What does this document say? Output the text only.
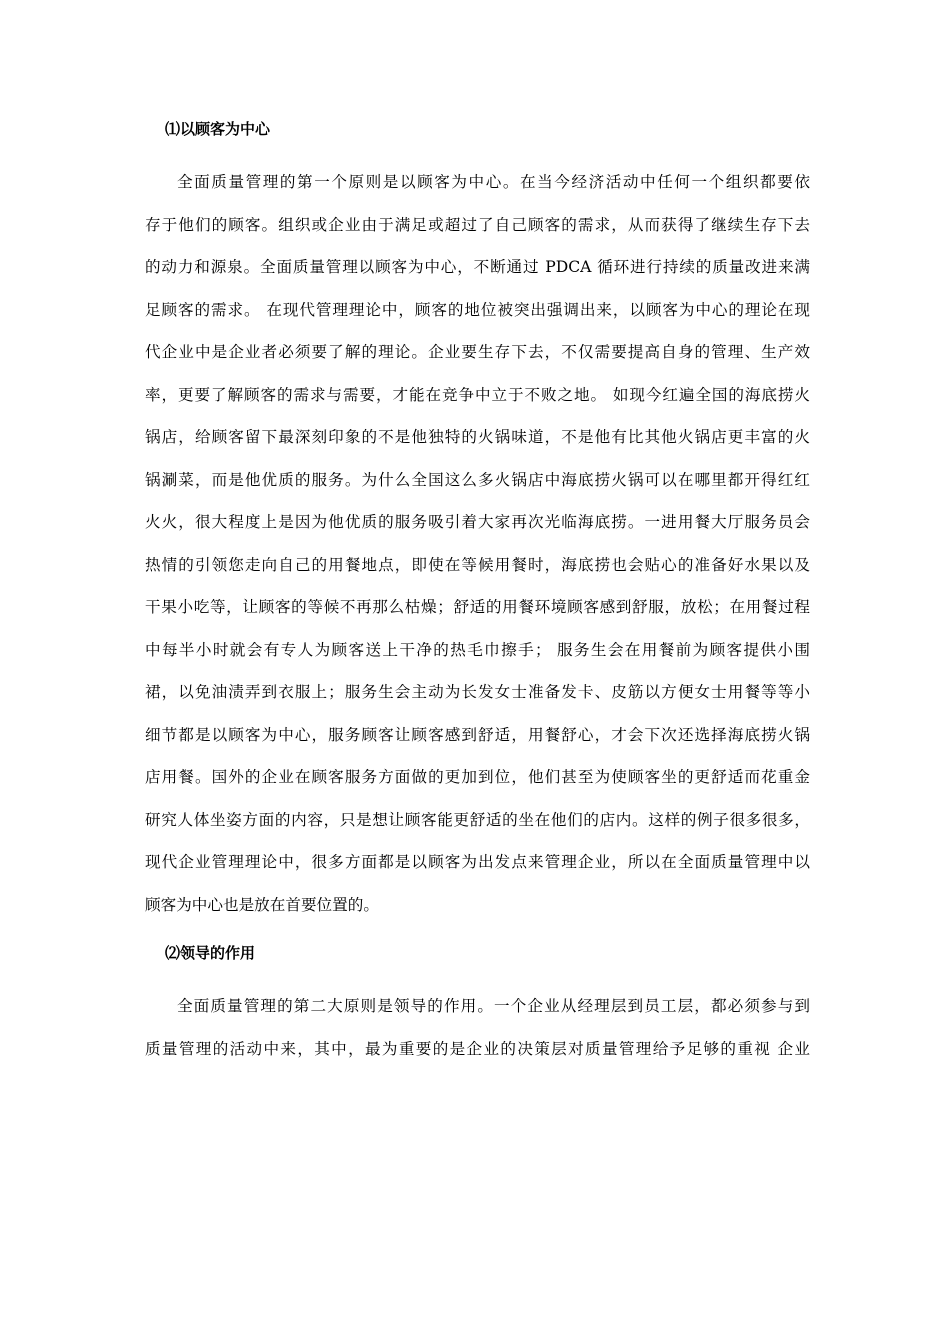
⑴以顾客为中心
全面质量管理的第一个原则是以顾客为中心。在当今经济活动中任何一个组织都要依
存于他们的顾客。组织或企业由于满足或超过了自己顾客的需求，从而获得了继续生存下去
的动力和源泉。全面质量管理以顾客为中心，不断通过 PDCA 循环进行持续的质量改进来满
足顾客的需求。 在现代管理理论中，顾客的地位被突出强调出来，以顾客为中心的理论在现
代企业中是企业者必须要了解的理论。企业要生存下去，不仅需要提高自身的管理、生产效
率，更要了解顾客的需求与需要，才能在竞争中立于不败之地。 如现今红遍全国的海底捞火
锅店，给顾客留下最深刻印象的不是他独特的火锅味道，不是他有比其他火锅店更丰富的火
锅涮菜，而是他优质的服务。为什么全国这么多火锅店中海底捞火锅可以在哪里都开得红红
火火，很大程度上是因为他优质的服务吸引着大家再次光临海底捞。一进用餐大厅服务员会
热情的引领您走向自己的用餐地点，即使在等候用餐时，海底捞也会贴心的准备好水果以及
干果小吃等，让顾客的等候不再那么枯燥；舒适的用餐环境顾客感到舒服，放松；在用餐过程
中每半小时就会有专人为顾客送上干净的热毛巾擦手； 服务生会在用餐前为顾客提供小围
裙，以免油渍弄到衣服上；服务生会主动为长发女士准备发卡、皮筋以方便女士用餐等等小
细节都是以顾客为中心，服务顾客让顾客感到舒适，用餐舒心，才会下次还选择海底捞火锅
店用餐。国外的企业在顾客服务方面做的更加到位，他们甚至为使顾客坐的更舒适而花重金
研究人体坐姿方面的内容，只是想让顾客能更舒适的坐在他们的店内。这样的例子很多很多，
现代企业管理理论中，很多方面都是以顾客为出发点来管理企业，所以在全面质量管理中以
顾客为中心也是放在首要位置的。
⑵领导的作用
全面质量管理的第二大原则是领导的作用。一个企业从经理层到员工层，都必须参与到
质量管理的活动中来，其中，最为重要的是企业的决策层对质量管理给予足够的重视 企业
